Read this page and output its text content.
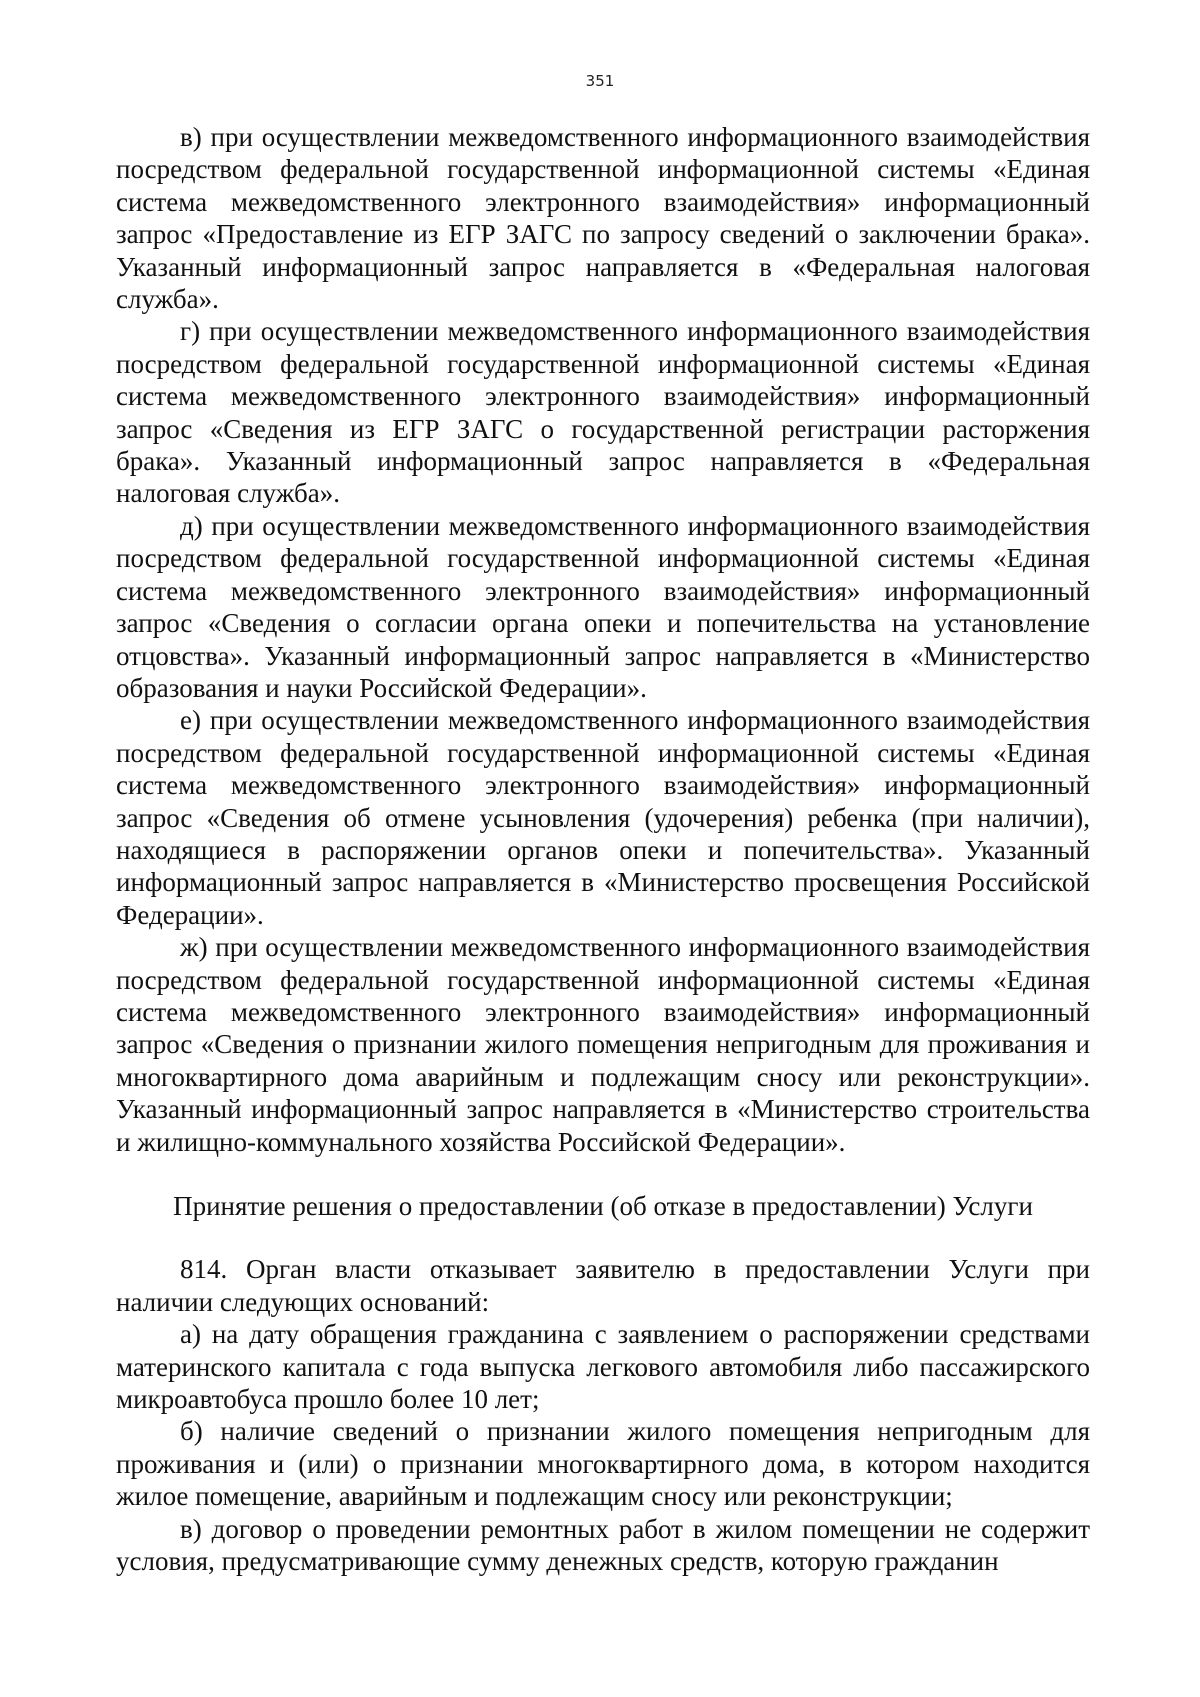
351

в) при осуществлении межведомственного информационного взаимодействия посредством федеральной государственной информационной системы «Единая система межведомственного электронного взаимодействия» информационный запрос «Предоставление из ЕГР ЗАГС по запросу сведений о заключении брака». Указанный информационный запрос направляется в «Федеральная налоговая служба».

г) при осуществлении межведомственного информационного взаимодействия посредством федеральной государственной информационной системы «Единая система межведомственного электронного взаимодействия» информационный запрос «Сведения из ЕГР ЗАГС о государственной регистрации расторжения брака». Указанный информационный запрос направляется в «Федеральная налоговая служба».

д) при осуществлении межведомственного информационного взаимодействия посредством федеральной государственной информационной системы «Единая система межведомственного электронного взаимодействия» информационный запрос «Сведения о согласии органа опеки и попечительства на установление отцовства». Указанный информационный запрос направляется в «Министерство образования и науки Российской Федерации».

е) при осуществлении межведомственного информационного взаимодействия посредством федеральной государственной информационной системы «Единая система межведомственного электронного взаимодействия» информационный запрос «Сведения об отмене усыновления (удочерения) ребенка (при наличии), находящиеся в распоряжении органов опеки и попечительства». Указанный информационный запрос направляется в «Министерство просвещения Российской Федерации».

ж) при осуществлении межведомственного информационного взаимодействия посредством федеральной государственной информационной системы «Единая система межведомственного электронного взаимодействия» информационный запрос «Сведения о признании жилого помещения непригодным для проживания и многоквартирного дома аварийным и подлежащим сносу или реконструкции». Указанный информационный запрос направляется в «Министерство строительства и жилищно-коммунального хозяйства Российской Федерации».

Принятие решения о предоставлении (об отказе в предоставлении) Услуги

814. Орган власти отказывает заявителю в предоставлении Услуги при наличии следующих оснований:

а) на дату обращения гражданина с заявлением о распоряжении средствами материнского капитала с года выпуска легкового автомобиля либо пассажирского микроавтобуса прошло более 10 лет;

б) наличие сведений о признании жилого помещения непригодным для проживания и (или) о признании многоквартирного дома, в котором находится жилое помещение, аварийным и подлежащим сносу или реконструкции;

в) договор о проведении ремонтных работ в жилом помещении не содержит условия, предусматривающие сумму денежных средств, которую гражданин
